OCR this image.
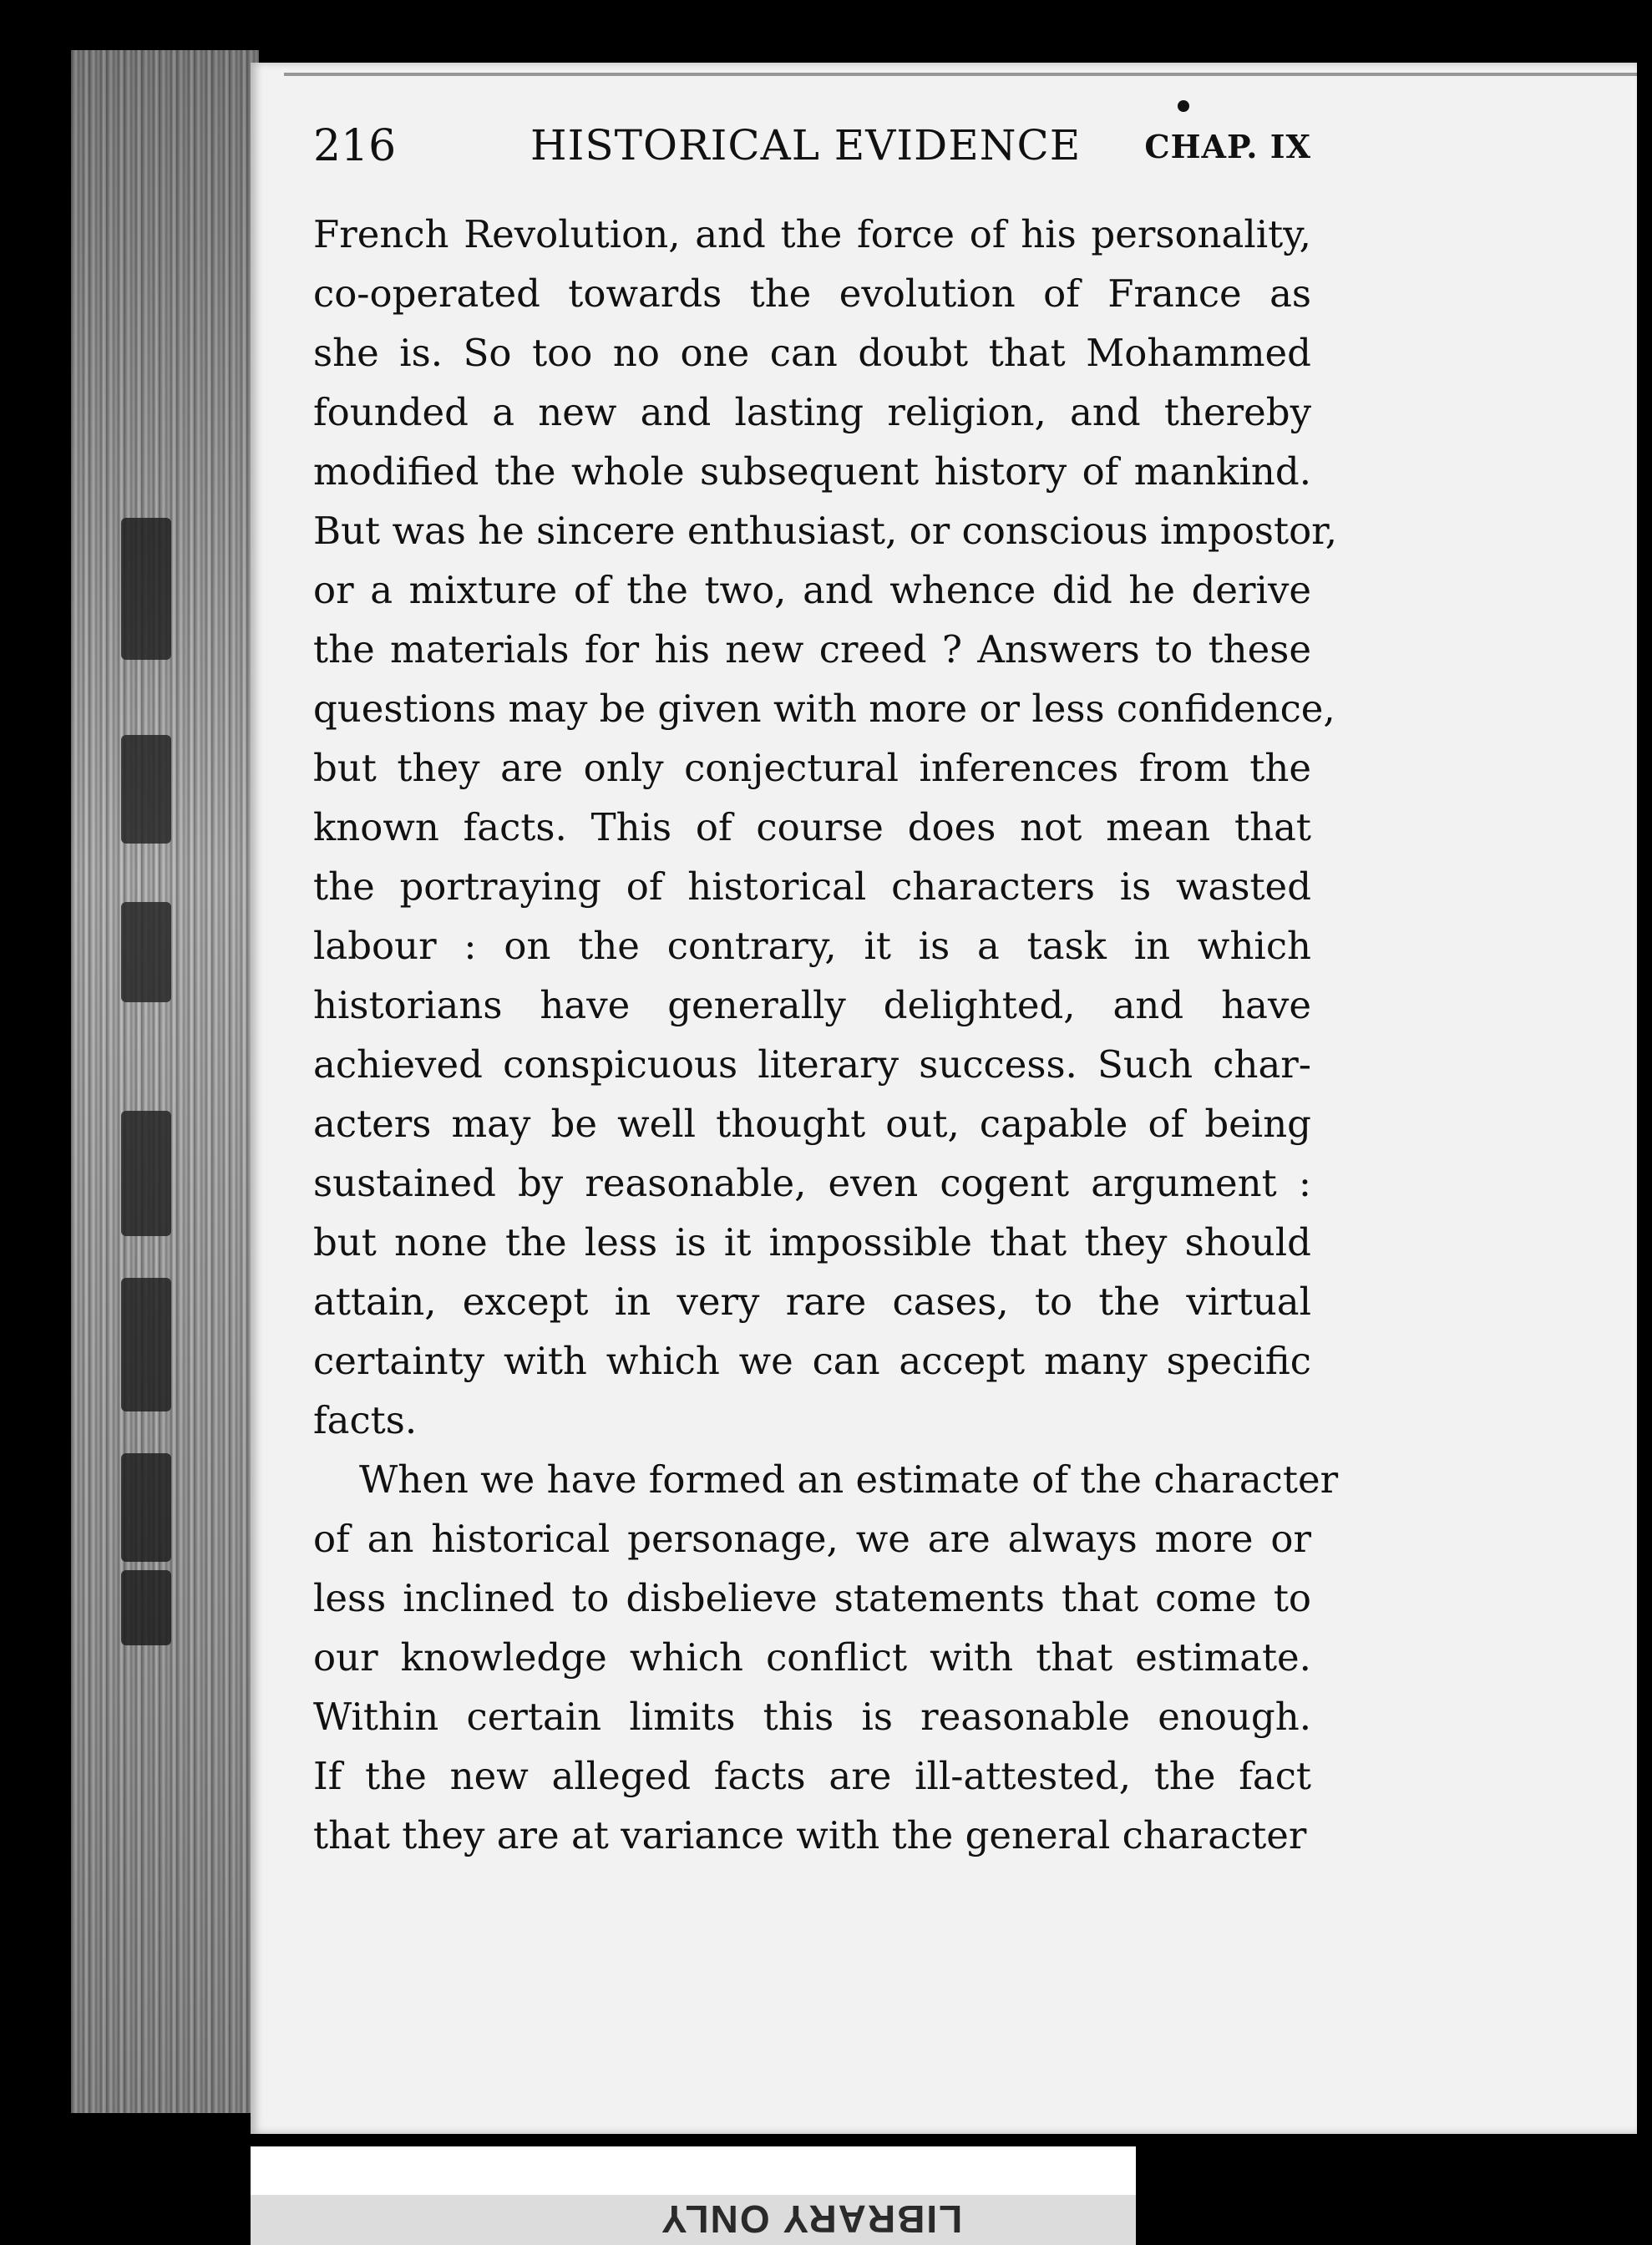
216	HISTORICAL EVIDENCE CHAP. IX
French Revolution, and the force of his personality,
co-operated towards the evolution of France as
she is. So too no one can doubt that Mohammed
founded a new and lasting religion, and thereby
modified the whole subsequent history of mankind.
But was he sincere enthusiast, or conscious impostor,
or a mixture of the two, and whence did he derive
the materials for his new creed ? Answers to these
questions may be given with more or less confidence,
but they are only conjectural inferences from the
known facts. This of course does not mean that
the portraying of historical characters is wasted
labour : on the contrary, it is a task in which
historians have generally delighted, and have
achieved conspicuous literary success. Such char-
acters may be well thought out, capable of being
sustained by reasonable, even cogent argument :
but none the less is it impossible that they should
attain, except in very rare cases, to the virtual
certainty with which we can accept many specific
facts.
When we have formed an estimate of the character
of an historical personage, we are always more or
less inclined to disbelieve statements that come to
our knowledge which conflict with that estimate.
Within certain limits this is reasonable enough.
If the new alleged facts are ill-attested, the fact
that they are at variance with the general character
LIBRARY ONLY
